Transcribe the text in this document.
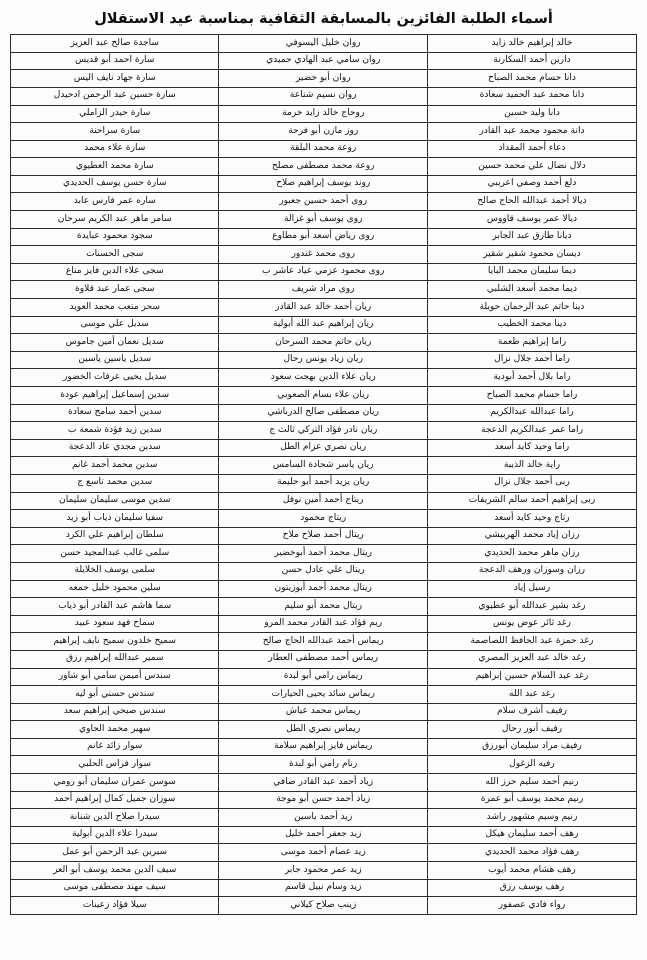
أسماء الطلبة الفائزين بالمسابقة الثقافية بمناسبة عيد الاستقلال
خالد إبراهيم خالد زايد	روان خليل اليسوفي	ساجدة صالح عبد العزيز
دارين أحمد السكارنة	روان سامي عبد الهادي حميدي	سارة احمد أبو قديس
دانا حسام محمد الصباح	روان أبو خضير	سارة جهاد نايف اليس
دانا محمد عبد الحميد سعادة	روان نسيم شناعة	سارة حسين عبد الرحمن ادحيدل
دانا وليد حسين	روحاج خالد زايد خرمة	سارة حيدر الزاملي
دانة محمود محمد عبد القادر	روز مازن أبو فرحة	سارة سراحنة
دعاء أحمد المقداد	روعة محمد البلقة	سارة علاء محمد
دلال نضال علي محمد حسين	روعة محمد مصطفى مصلح	سارة محمد العطيوي
دلع أحمد وصفي اعريبي	روند يوسف إبراهيم صلاح	سارة حسن يوسف الحديدي
ديالا أحمد عبدالله الحاج صالح	روى أحمد حسين جعبور	ساره عمر فارس عابد
ديالا عمر يوسف قاووس	روى يوسف أبو غزالة	سامر ماهر عبد الكريم سرحان
ديانا طارق عبد الجابر	روى رياض أسعد أبو مطاوع	سجود محمود عبايدة
ديسان محمود شقير شقير	روى محمد غندور	سجى الحسنات
ديما سليمان محمد البايا	روى محمود عزمي عياد عاشر ب	سجى علاء الدين فايز مناع
ديما محمد أسعد الشلبي	روى مراد شريف	سجى عمار عبد قلاوة
دينا حاتم عبد الرحمان حويلة	ريان أحمد خالد عبد القادر	سحر متعب محمد العويد
دينا محمد الخطيب	ريان إبراهيم عبد الله أبولية	سديل علي موسى
راما إبراهيم طعمة	ريان حاتم محمد السرحان	سديل نعمان أمين جاموس
راما أحمد جلال نزال	ريان زياد يونس رحال	سديل ياسين ياسين
راما بلال أحمد أبودية	ريان علاء الدين بهجت سعود	سديل يحيى عرفات الخضور
راما حسام محمد الصباح	ريان علاء بسام الصعوبي	سدين إسماعيل إبراهيم عودة
راما عبدالله عبدالكريم	ريان مصطفى صالح الدرباشي	سدين أحمد سامح سعادة
راما عمر عبدالكريم الدعجة	ريان نادر فؤاد التركي ثالث ج	سدين زيد فؤدة شمعة ب
راما وحيد كايد أسعد	ريان نصري عزام الطل	سدين مجدي عاد الدعجة
راية خالد الذيبة	ريان ياسر شحادة السامس	سدين محمد أحمد غانم
ربى أحمد جلال نزال	ريان يزيد أحمد أبو حليمة	سدين محمد تاسع ج
ربى إبراهيم أحمد سالم الشريفات	ريتاج أحمد أمين نوفل	سدين موسى سليمان سليمان
رتاج وحيد كايد أسعد	ريتاج محمود	سفيا سليمان ذياب أبو زيد
رزان إياد محمد الهربيشي	ريتال أحمد صلاح ملاح	سلطان إبراهيم علي الكرد
رزان ماهر محمد الحديدي	ريتال محمد أحمد أبوخضير	سلمى غالب عبدالمجيد حسن
رزان وسوزان ورهف الدعجة	ريتال علي عادل حسن	سلمى يوسف الخلايلة
رسيل إياد	ريتال محمد أحمد أبوزيتون	سلين محمود خليل جمعه
رغد بشير عبدالله أبو عطيوي	ريتال محمد أبو سليم	سما هاشم عبد القادر أبو ذياب
رغد ثائر عوض يونس	ريم فؤاد عبد القادر محمد المرو	سماح فهد سعود عبيد
رغد حمزة عبد الحافظ اللصاصمة	ريماس أحمد عبدالله الحاج صالح	سميح خلدون سميح نايف إبراهيم
رغد خالد عبد العزيز المصري	ريماس أحمد مصطفى العطار	سمير عبدالله إبراهيم رزق
رغد عبد السلام حسين إبراهيم	ريماس رامي أبو لبدة	سندس أميمن سامي أبو شاور
رغد عبد الله	ريماس سائد يحيى الحيارات	سندس حسني أبو ليه
رفيف أشرف سلام	ريماس محمد عياش	سندس صبحي إبراهيم سعد
رفيف أنور رحال	ريماس نصري الطل	سهير محمد الحاوي
رفيف مراد سليمان أبورزق	ريماس فايز إبراهيم سلامة	سوار زائد غانم
رفيه الزغول	رنام رامي أبو لبدة	سوار فراس الحلبي
رنيم أحمد سليم حرز الله	زياد أحمد عبد القادر صافي	سوسن عمران سليمان أبو رومي
رنيم محمد يوسف أبو عمرة	زياد أحمد حسن أبو موجة	سوزان جميل كمال إبراهيم أحمد
رنيم وسيم مشهور راشد	زيد أحمد ياسين	سيدرا صلاح الدين شنانة
رهف أحمد سليمان هيكل	زيد جعفر أحمد خليل	سيدرا علاء الدين أبولية
رهف فؤاد محمد الحديدي	زيد عصام أحمد موسى	سيرين عبد الرحمن أبو عمل
رهف هشام محمد أيوب	زيد عمر محمود جابر	سيف الدين محمد يوسف أبو العز
رهف يوسف رزق	زيد وسام نبيل قاسم	سيف مهند مصطفى موسى
رواء فادي عصفور	زينب صلاح كيلاني	سيلا فؤاد زعينات
